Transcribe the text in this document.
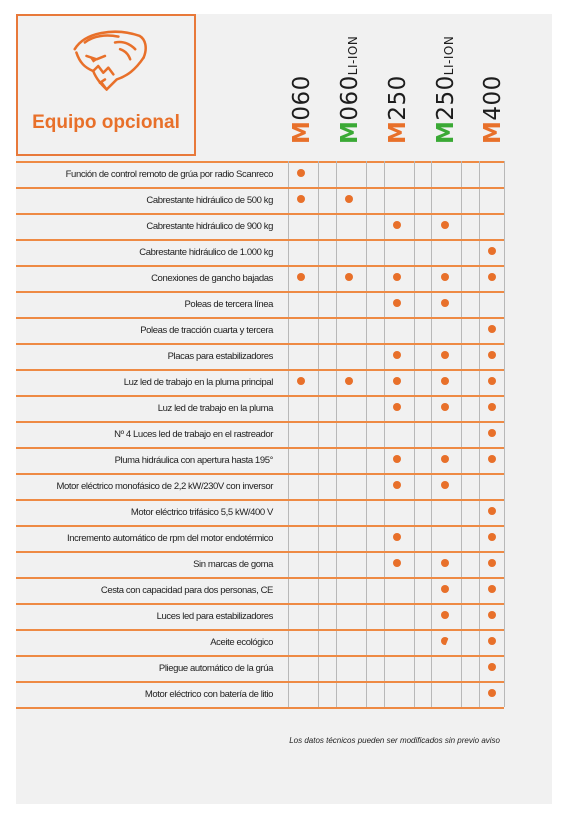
Equipo opcional	M060
M060LI-ION
M250
M250LI-ION
M400
Función de control remoto de grúa por radio Scanreco
Cabrestante hidráulico de 500 kg
Cabrestante hidráulico de 900 kg
Cabrestante hidráulico de 1.000 kg
Conexiones de gancho bajadas
Poleas de tercera línea
Poleas de tracción cuarta y tercera
Placas para estabilizadores
Luz led de trabajo en la pluma principal
Luz led de trabajo en la pluma
Nº 4 Luces led de trabajo en el rastreador
Pluma hidráulica con apertura hasta 195°
Motor eléctrico monofásico de 2,2 kW/230V con inversor
Motor eléctrico trifásico 5,5 kW/400 V
Incremento automático de rpm del motor endotérmico
Sin marcas de goma
Cesta con capacidad para dos personas, CE
Luces led para estabilizadores
Aceite ecológico
Pliegue automático de la grúa
Motor eléctrico con batería de litio
Los datos técnicos pueden ser modificados sin previo aviso
